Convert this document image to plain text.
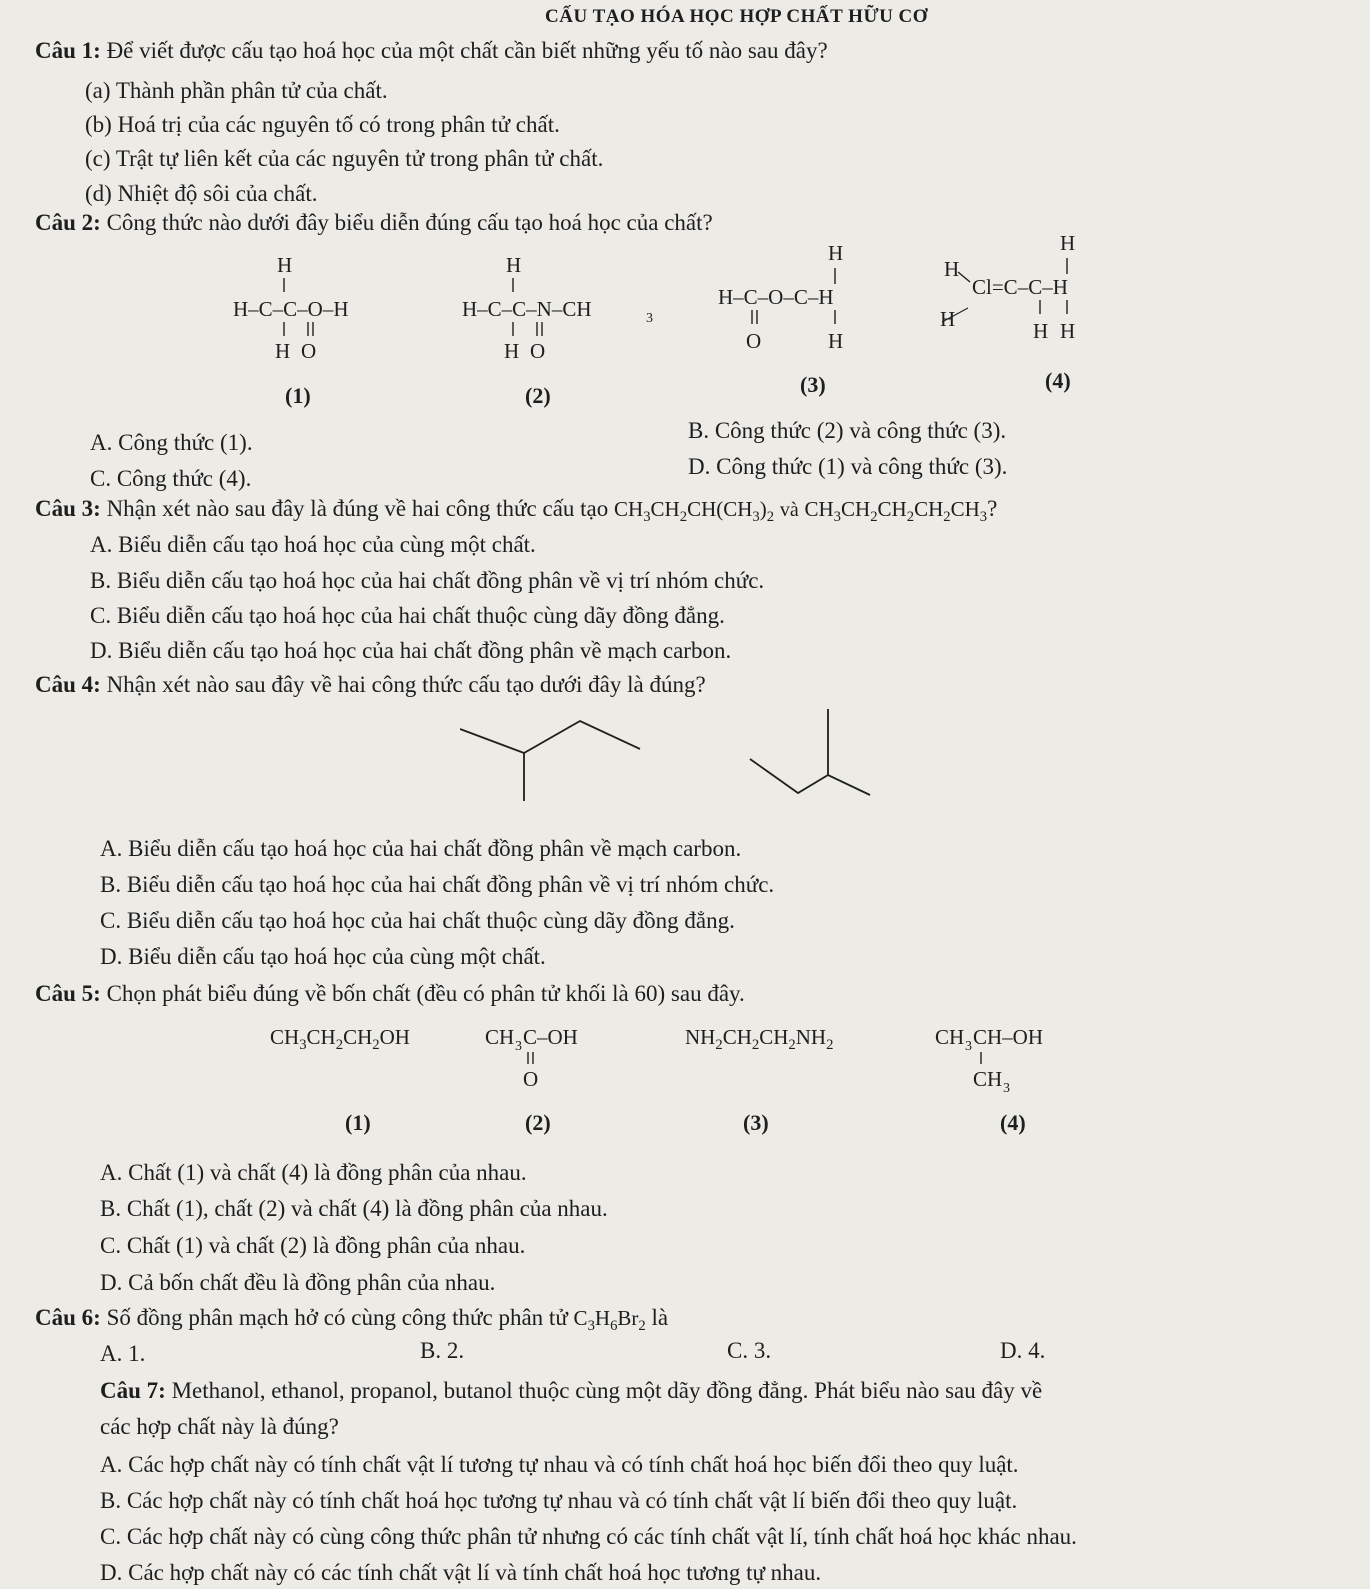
CẤU TẠO HÓA HỌC HỢP CHẤT HỮU CƠ
Câu 1: Để viết được cấu tạo hoá học của một chất cần biết những yếu tố nào sau đây?
(a) Thành phần phân tử của chất.
(b) Hoá trị của các nguyên tố có trong phân tử chất.
(c) Trật tự liên kết của các nguyên tử trong phân tử chất.
(d) Nhiệt độ sôi của chất.
Câu 2: Công thức nào dưới đây biểu diễn đúng cấu tạo hoá học của chất?
H
H–C–C–O–H
H O
H
H–C–C–N–CH	3
H O
H
H–C–O–C–H
O	H
H
H
Cl=C–C–H
H	H H
(1)	(2)	(3)	(4)
A. Công thức (1).	B. Công thức (2) và công thức (3).
C. Công thức (4).	D. Công thức (1) và công thức (3).
Câu 3: Nhận xét nào sau đây là đúng về hai công thức cấu tạo $CH_3CH_2CH(CH_3)_2$ và $CH_3CH_2CH_2CH_2CH_3$?
A. Biểu diễn cấu tạo hoá học của cùng một chất.
B. Biểu diễn cấu tạo hoá học của hai chất đồng phân về vị trí nhóm chức.
C. Biểu diễn cấu tạo hoá học của hai chất thuộc cùng dãy đồng đẳng.
D. Biểu diễn cấu tạo hoá học của hai chất đồng phân về mạch carbon.
Câu 4: Nhận xét nào sau đây về hai công thức cấu tạo dưới đây là đúng?
A. Biểu diễn cấu tạo hoá học của hai chất đồng phân về mạch carbon.
B. Biểu diễn cấu tạo hoá học của hai chất đồng phân về vị trí nhóm chức.
C. Biểu diễn cấu tạo hoá học của hai chất thuộc cùng dãy đồng đẳng.
D. Biểu diễn cấu tạo hoá học của cùng một chất.
Câu 5: Chọn phát biểu đúng về bốn chất (đều có phân tử khối là 60) sau đây.
$CH_3CH_2CH_2OH$	CH 3 C–OH
O
$NH_2CH_2CH_2NH_2$	CH 3 CH–OH
CH 3
(1)	(2)	(3)	(4)
A. Chất (1) và chất (4) là đồng phân của nhau.
B. Chất (1), chất (2) và chất (4) là đồng phân của nhau.
C. Chất (1) và chất (2) là đồng phân của nhau.
D. Cả bốn chất đều là đồng phân của nhau.
Câu 6: Số đồng phân mạch hở có cùng công thức phân tử $C_3H_6Br_2$ là
A. 1.	B. 2.	C. 3.	D. 4.
Câu 7: Methanol, ethanol, propanol, butanol thuộc cùng một dãy đồng đẳng. Phát biểu nào sau đây về
các hợp chất này là đúng?
A. Các hợp chất này có tính chất vật lí tương tự nhau và có tính chất hoá học biến đổi theo quy luật.
B. Các hợp chất này có tính chất hoá học tương tự nhau và có tính chất vật lí biến đổi theo quy luật.
C. Các hợp chất này có cùng công thức phân tử nhưng có các tính chất vật lí, tính chất hoá học khác nhau.
D. Các hợp chất này có các tính chất vật lí và tính chất hoá học tương tự nhau.
